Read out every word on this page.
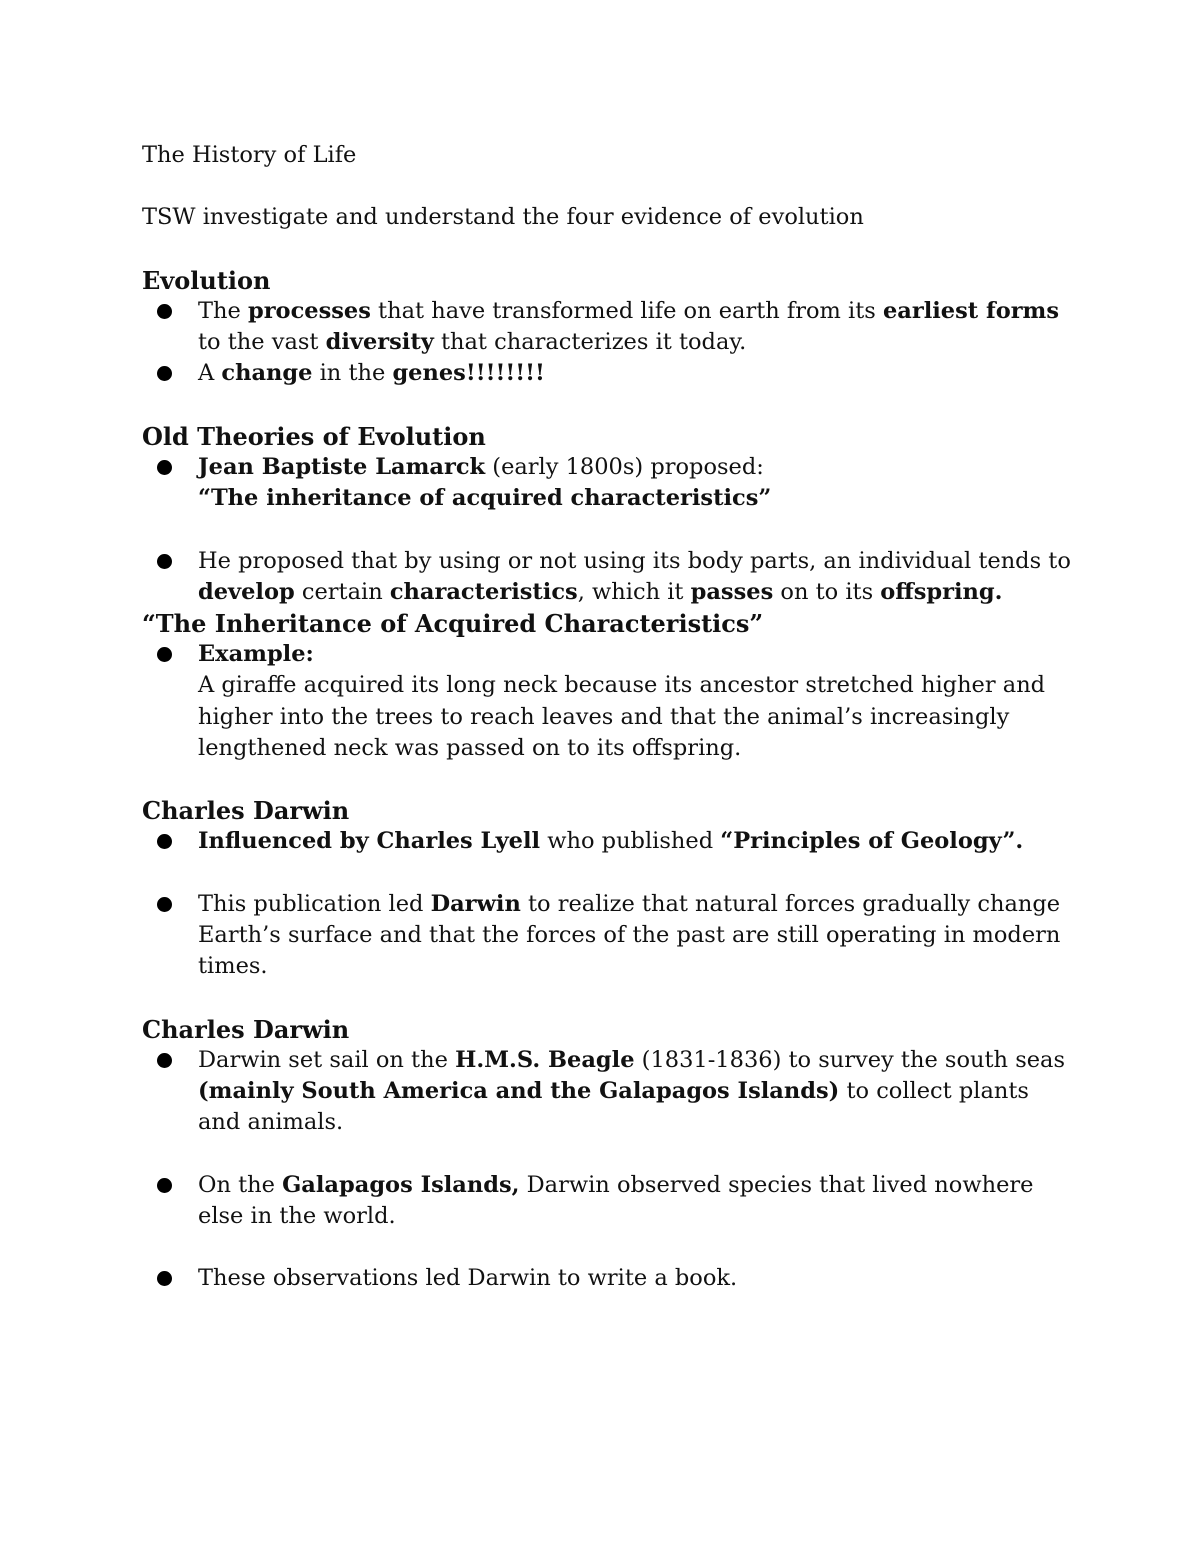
The History of Life

TSW investigate and understand the four evidence of evolution

Evolution

The processes that have transformed life on earth from its earliest forms to the vast diversity that characterizes it today.
A change in the genes!!!!!!!!

Old Theories of Evolution

Jean Baptiste Lamarck (early 1800s) proposed:
“The inheritance of acquired characteristics”
He proposed that by using or not using its body parts, an individual tends to develop certain characteristics, which it passes on to its offspring.

“The Inheritance of Acquired Characteristics”

Example:
A giraffe acquired its long neck because its ancestor stretched higher and higher into the trees to reach leaves and that the animal’s increasingly lengthened neck was passed on to its offspring.

Charles Darwin

Influenced by Charles Lyell who published “Principles of Geology”.
This publication led Darwin to realize that natural forces gradually change Earth’s surface and that the forces of the past are still operating in modern times.

Charles Darwin

Darwin set sail on the H.M.S. Beagle (1831-1836) to survey the south seas (mainly South America and the Galapagos Islands) to collect plants and animals.
On the Galapagos Islands, Darwin observed species that lived nowhere else in the world.
These observations led Darwin to write a book.
